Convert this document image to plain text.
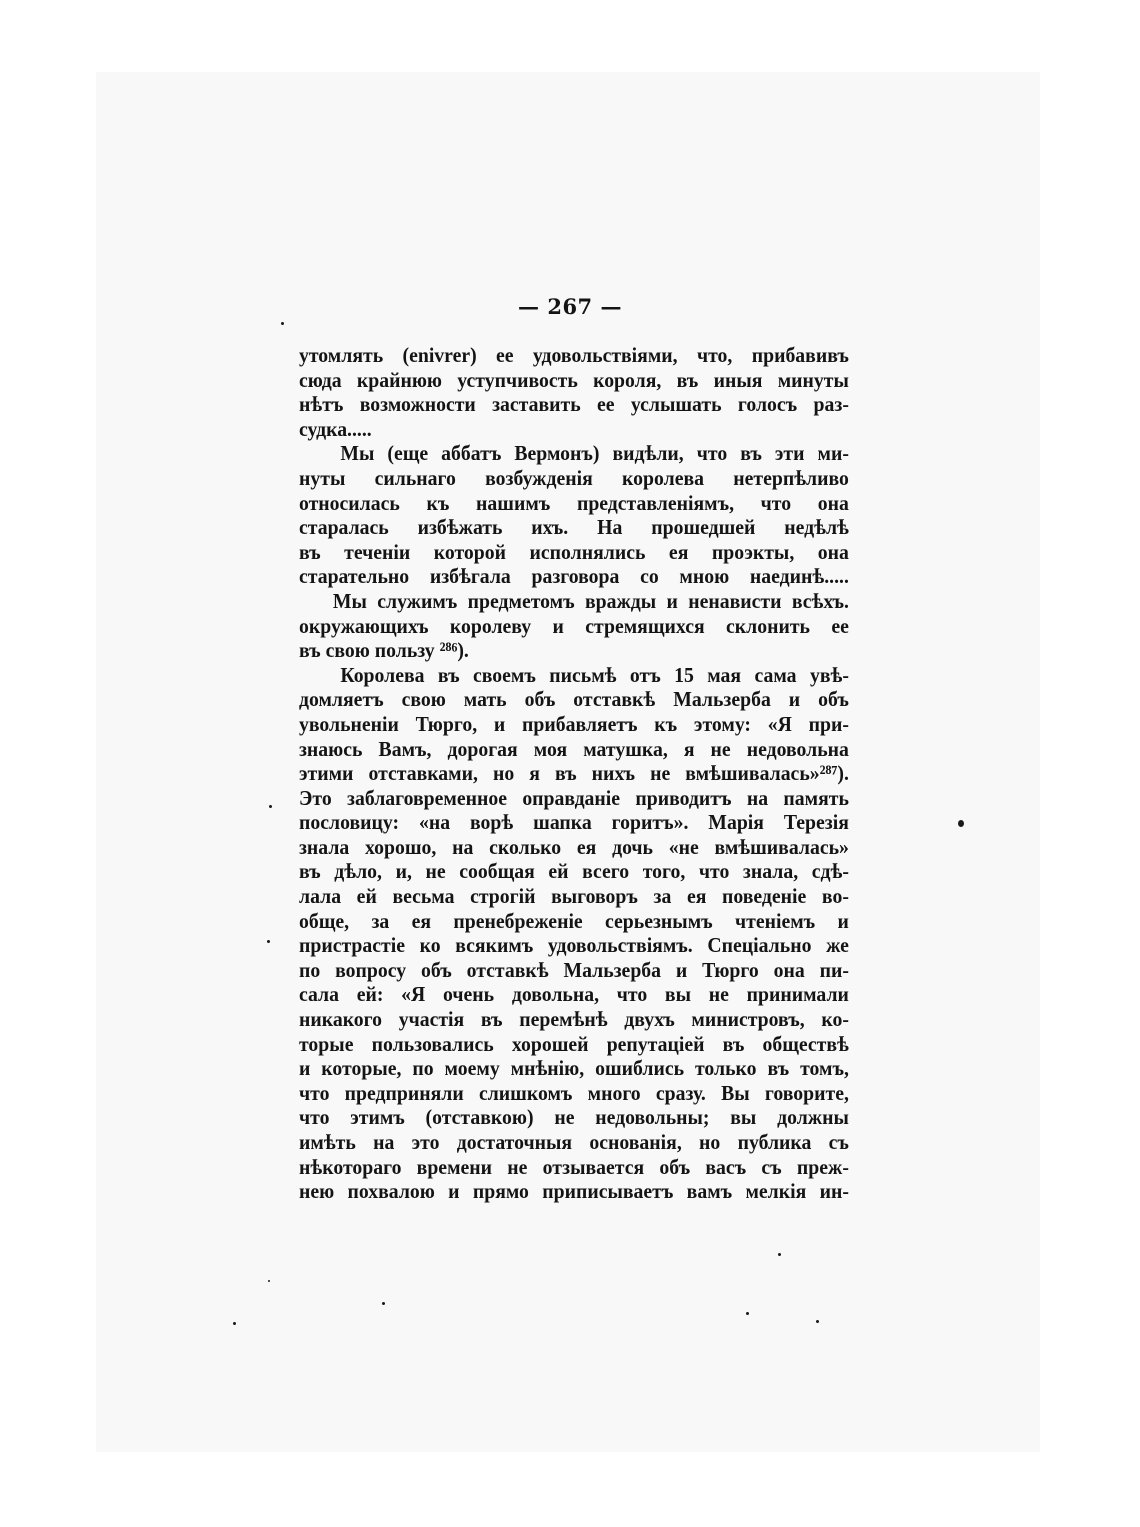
— 267 —
утомлять (enivrer) ее удовольствіями, что, прибавивъ
сюда крайнюю уступчивость короля, въ иныя минуты
нѣтъ возможности заставить ее услышать голосъ раз-
судка.....
Мы (еще аббатъ Вермонъ) видѣли, что въ эти ми-
нуты сильнаго возбужденія королева нетерпѣливо
относилась къ нашимъ представленіямъ, что она
старалась избѣжать ихъ. На прошедшей недѣлѣ
въ теченіи которой исполнялись ея проэкты, она
старательно избѣгала разговора со мною наединѣ.....
Мы служимъ предметомъ вражды и ненависти всѣхъ.
окружающихъ королеву и стремящихся склонить ее
въ свою пользу ²⁸⁶).
Королева въ своемъ письмѣ отъ 15 мая сама увѣ-
домляетъ свою мать объ отставкѣ Мальзерба и объ
увольненіи Тюрго, и прибавляетъ къ этому: «Я при-
знаюсь Вамъ, дорогая моя матушка, я не недовольна
этими отставками, но я въ нихъ не вмѣшивалась»²⁸⁷).
Это заблаговременное оправданіе приводитъ на память
пословицу: «на ворѣ шапка горитъ». Марія Терезія
знала хорошо, на сколько ея дочь «не вмѣшивалась»
въ дѣло, и, не сообщая ей всего того, что знала, сдѣ-
лала ей весьма строгій выговоръ за ея поведеніе во-
обще, за ея пренебреженіе серьезнымъ чтеніемъ и
пристрастіе ко всякимъ удовольствіямъ. Спеціально же
по вопросу объ отставкѣ Мальзерба и Тюрго она пи-
сала ей: «Я очень довольна, что вы не принимали
никакого участія въ перемѣнѣ двухъ министровъ, ко-
торые пользовались хорошей репутаціей въ обществѣ
и которые, по моему мнѣнію, ошиблись только въ томъ,
что предприняли слишкомъ много сразу. Вы говорите,
что этимъ (отставкою) не недовольны; вы должны
имѣть на это достаточныя основанія, но публика съ
нѣкотораго времени не отзывается объ васъ съ преж-
нею похвалою и прямо приписываетъ вамъ мелкія ин-
